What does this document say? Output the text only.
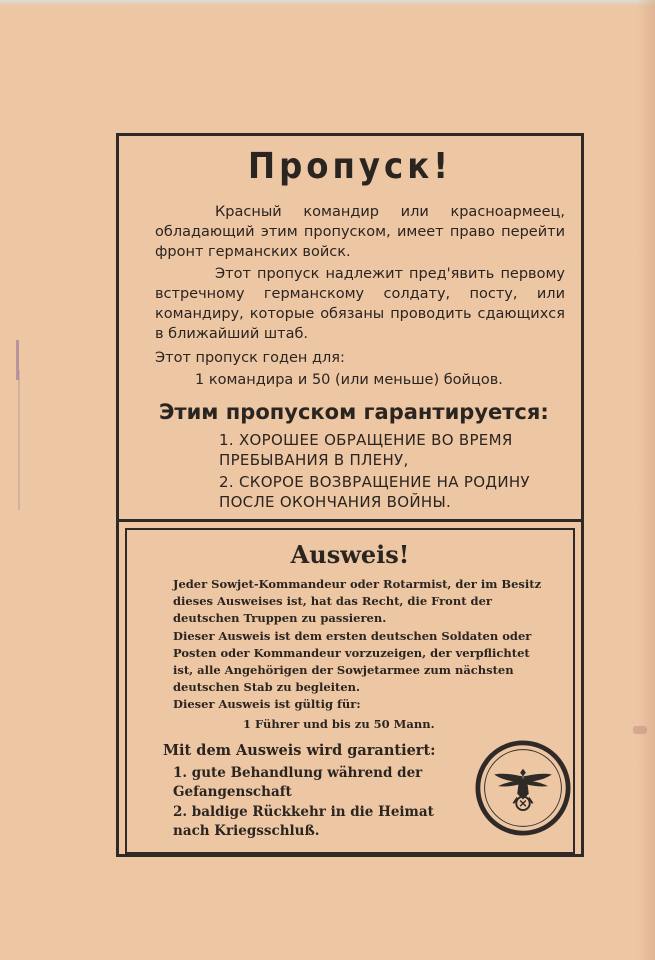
Пропуск!
Красный командир или красноармеец, обладающий этим пропуском, имеет право перейти фронт германских войск.
Этот пропуск надлежит пред'явить первому встречному германскому солдату, посту, или командиру, которые обязаны проводить сдающихся в ближайший штаб.
Этот пропуск годен для:
1 командира и 50 (или меньше) бойцов.
Этим пропуском гарантируется:
1. ХОРОШЕЕ ОБРАЩЕНИЕ ВО ВРЕМЯ ПРЕБЫВАНИЯ В ПЛЕНУ,
2. СКОРОЕ ВОЗВРАЩЕНИЕ НА РОДИНУ ПОСЛЕ ОКОНЧАНИЯ ВОЙНЫ.
Ausweis!
Jeder Sowjet-Kommandeur oder Rotarmist, der im Besitz dieses Ausweises ist, hat das Recht, die Front der deutschen Truppen zu passieren.
Dieser Ausweis ist dem ersten deutschen Soldaten oder Posten oder Kommandeur vorzuzeigen, der verpflichtet ist, alle Angehörigen der Sowjetarmee zum nächsten deutschen Stab zu begleiten.
Dieser Ausweis ist gültig für:
1 Führer und bis zu 50 Mann.
Mit dem Ausweis wird garantiert:
1. gute Behandlung während der Gefangenschaft
2. baldige Rückkehr in die Heimat nach Kriegsschluß.
